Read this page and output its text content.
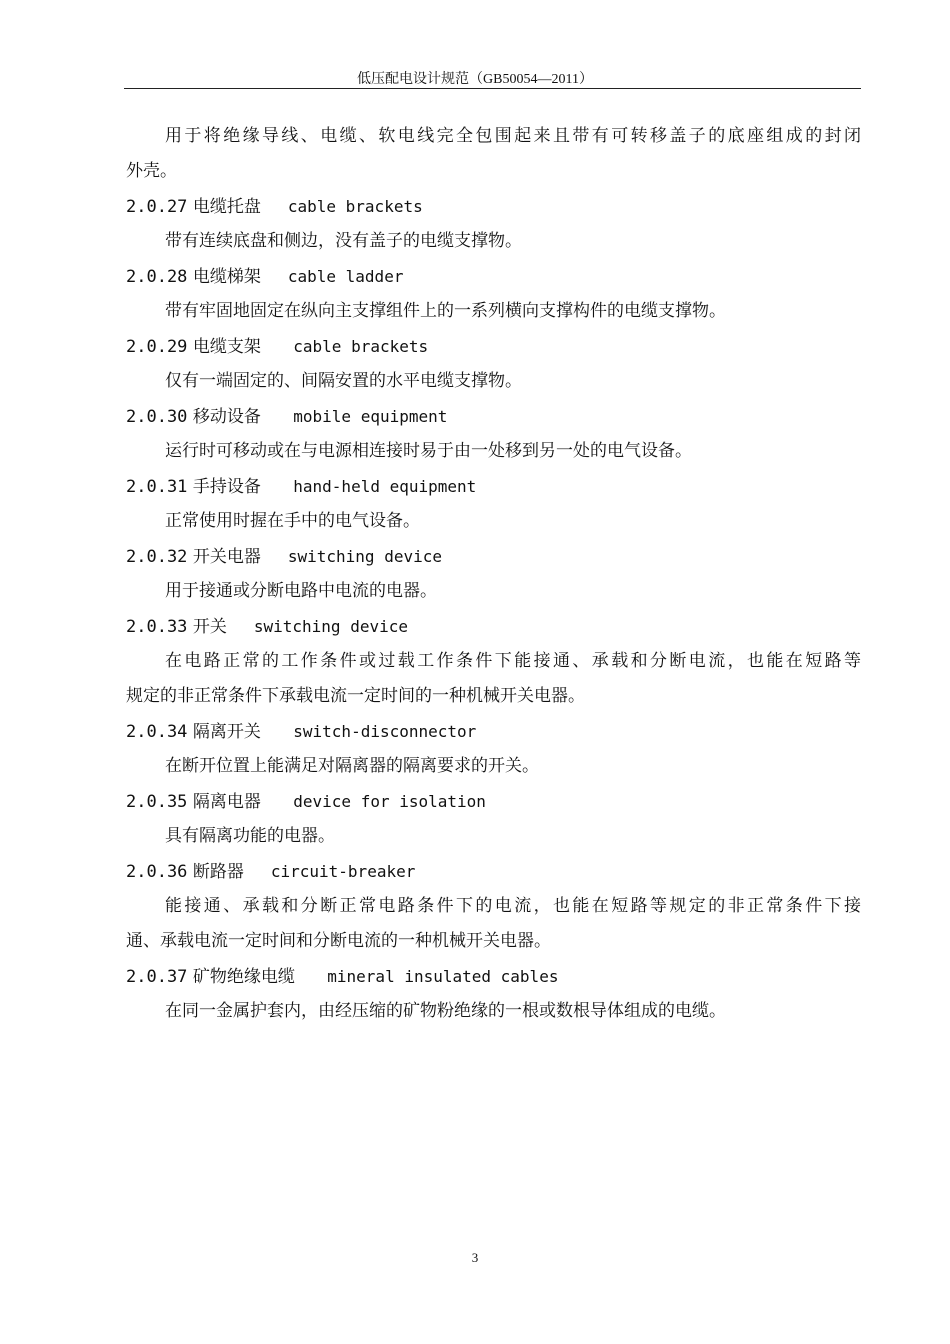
低压配电设计规范（GB50054—2011）
用于将绝缘导线、电缆、软电线完全包围起来且带有可转移盖子的底座组成的封闭
外壳。
2.0.27 电缆托盘 cable brackets
带有连续底盘和侧边，没有盖子的电缆支撑物。
2.0.28 电缆梯架 cable ladder
带有牢固地固定在纵向主支撑组件上的一系列横向支撑构件的电缆支撑物。
2.0.29 电缆支架 cable brackets
仅有一端固定的、间隔安置的水平电缆支撑物。
2.0.30 移动设备 mobile equipment
运行时可移动或在与电源相连接时易于由一处移到另一处的电气设备。
2.0.31 手持设备 hand-held equipment
正常使用时握在手中的电气设备。
2.0.32 开关电器 switching device
用于接通或分断电路中电流的电器。
2.0.33 开关 switching device
在电路正常的工作条件或过载工作条件下能接通、承载和分断电流，也能在短路等
规定的非正常条件下承载电流一定时间的一种机械开关电器。
2.0.34 隔离开关 switch-disconnector
在断开位置上能满足对隔离器的隔离要求的开关。
2.0.35 隔离电器 device for isolation
具有隔离功能的电器。
2.0.36 断路器 circuit-breaker
能接通、承载和分断正常电路条件下的电流，也能在短路等规定的非正常条件下接
通、承载电流一定时间和分断电流的一种机械开关电器。
2.0.37 矿物绝缘电缆 mineral insulated cables
在同一金属护套内，由经压缩的矿物粉绝缘的一根或数根导体组成的电缆。
3
